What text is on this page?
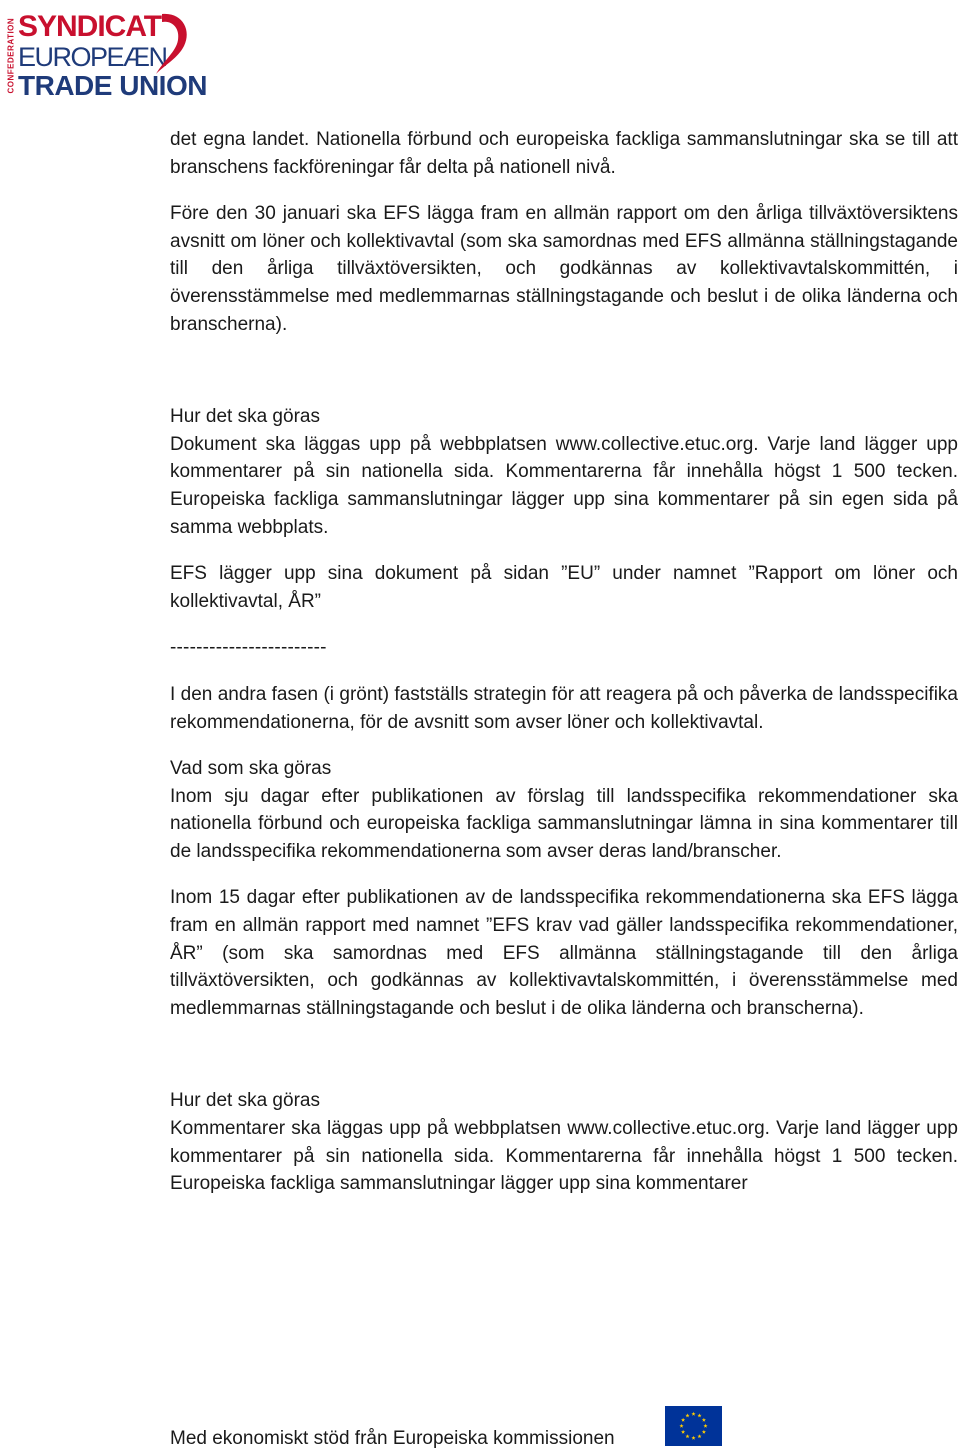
CONFEDERATION SYNDICAT
EUROPEÆN
TRADE UNION

det egna landet. Nationella förbund och europeiska fackliga sammanslutningar ska se till att branschens fackföreningar får delta på nationell nivå.

Före den 30 januari ska EFS lägga fram en allmän rapport om den årliga tillväxtöversiktens avsnitt om löner och kollektivavtal (som ska samordnas med EFS allmänna ställningstagande till den årliga tillväxtöversikten, och godkännas av kollektivavtalskommittén, i överensstämmelse med medlemmarnas ställningstagande och beslut i de olika länderna och branscherna).

Hur det ska göras

Dokument ska läggas upp på webbplatsen www.collective.etuc.org. Varje land lägger upp kommentarer på sin nationella sida. Kommentarerna får innehålla högst 1 500 tecken. Europeiska fackliga sammanslutningar lägger upp sina kommentarer på sin egen sida på samma webbplats.

EFS lägger upp sina dokument på sidan ”EU” under namnet ”Rapport om löner och kollektivavtal, ÅR”

------------------------

I den andra fasen (i grönt) fastställs strategin för att reagera på och påverka de landsspecifika rekommendationerna, för de avsnitt som avser löner och kollektivavtal.

Vad som ska göras

Inom sju dagar efter publikationen av förslag till landsspecifika rekommendationer ska nationella förbund och europeiska fackliga sammanslutningar lämna in sina kommentarer till de landsspecifika rekommendationerna som avser deras land/branscher.

Inom 15 dagar efter publikationen av de landsspecifika rekommendationerna ska EFS lägga fram en allmän rapport med namnet ”EFS krav vad gäller landsspecifika rekommendationer, ÅR” (som ska samordnas med EFS allmänna ställningstagande till den årliga tillväxtöversikten, och godkännas av kollektivavtalskommittén, i överensstämmelse med medlemmarnas ställningstagande och beslut i de olika länderna och branscherna).

Hur det ska göras

Kommentarer ska läggas upp på webbplatsen www.collective.etuc.org. Varje land lägger upp kommentarer på sin nationella sida. Kommentarerna får innehålla högst 1 500 tecken. Europeiska fackliga sammanslutningar lägger upp sina kommentarer

Med ekonomiskt stöd från Europeiska kommissionen
